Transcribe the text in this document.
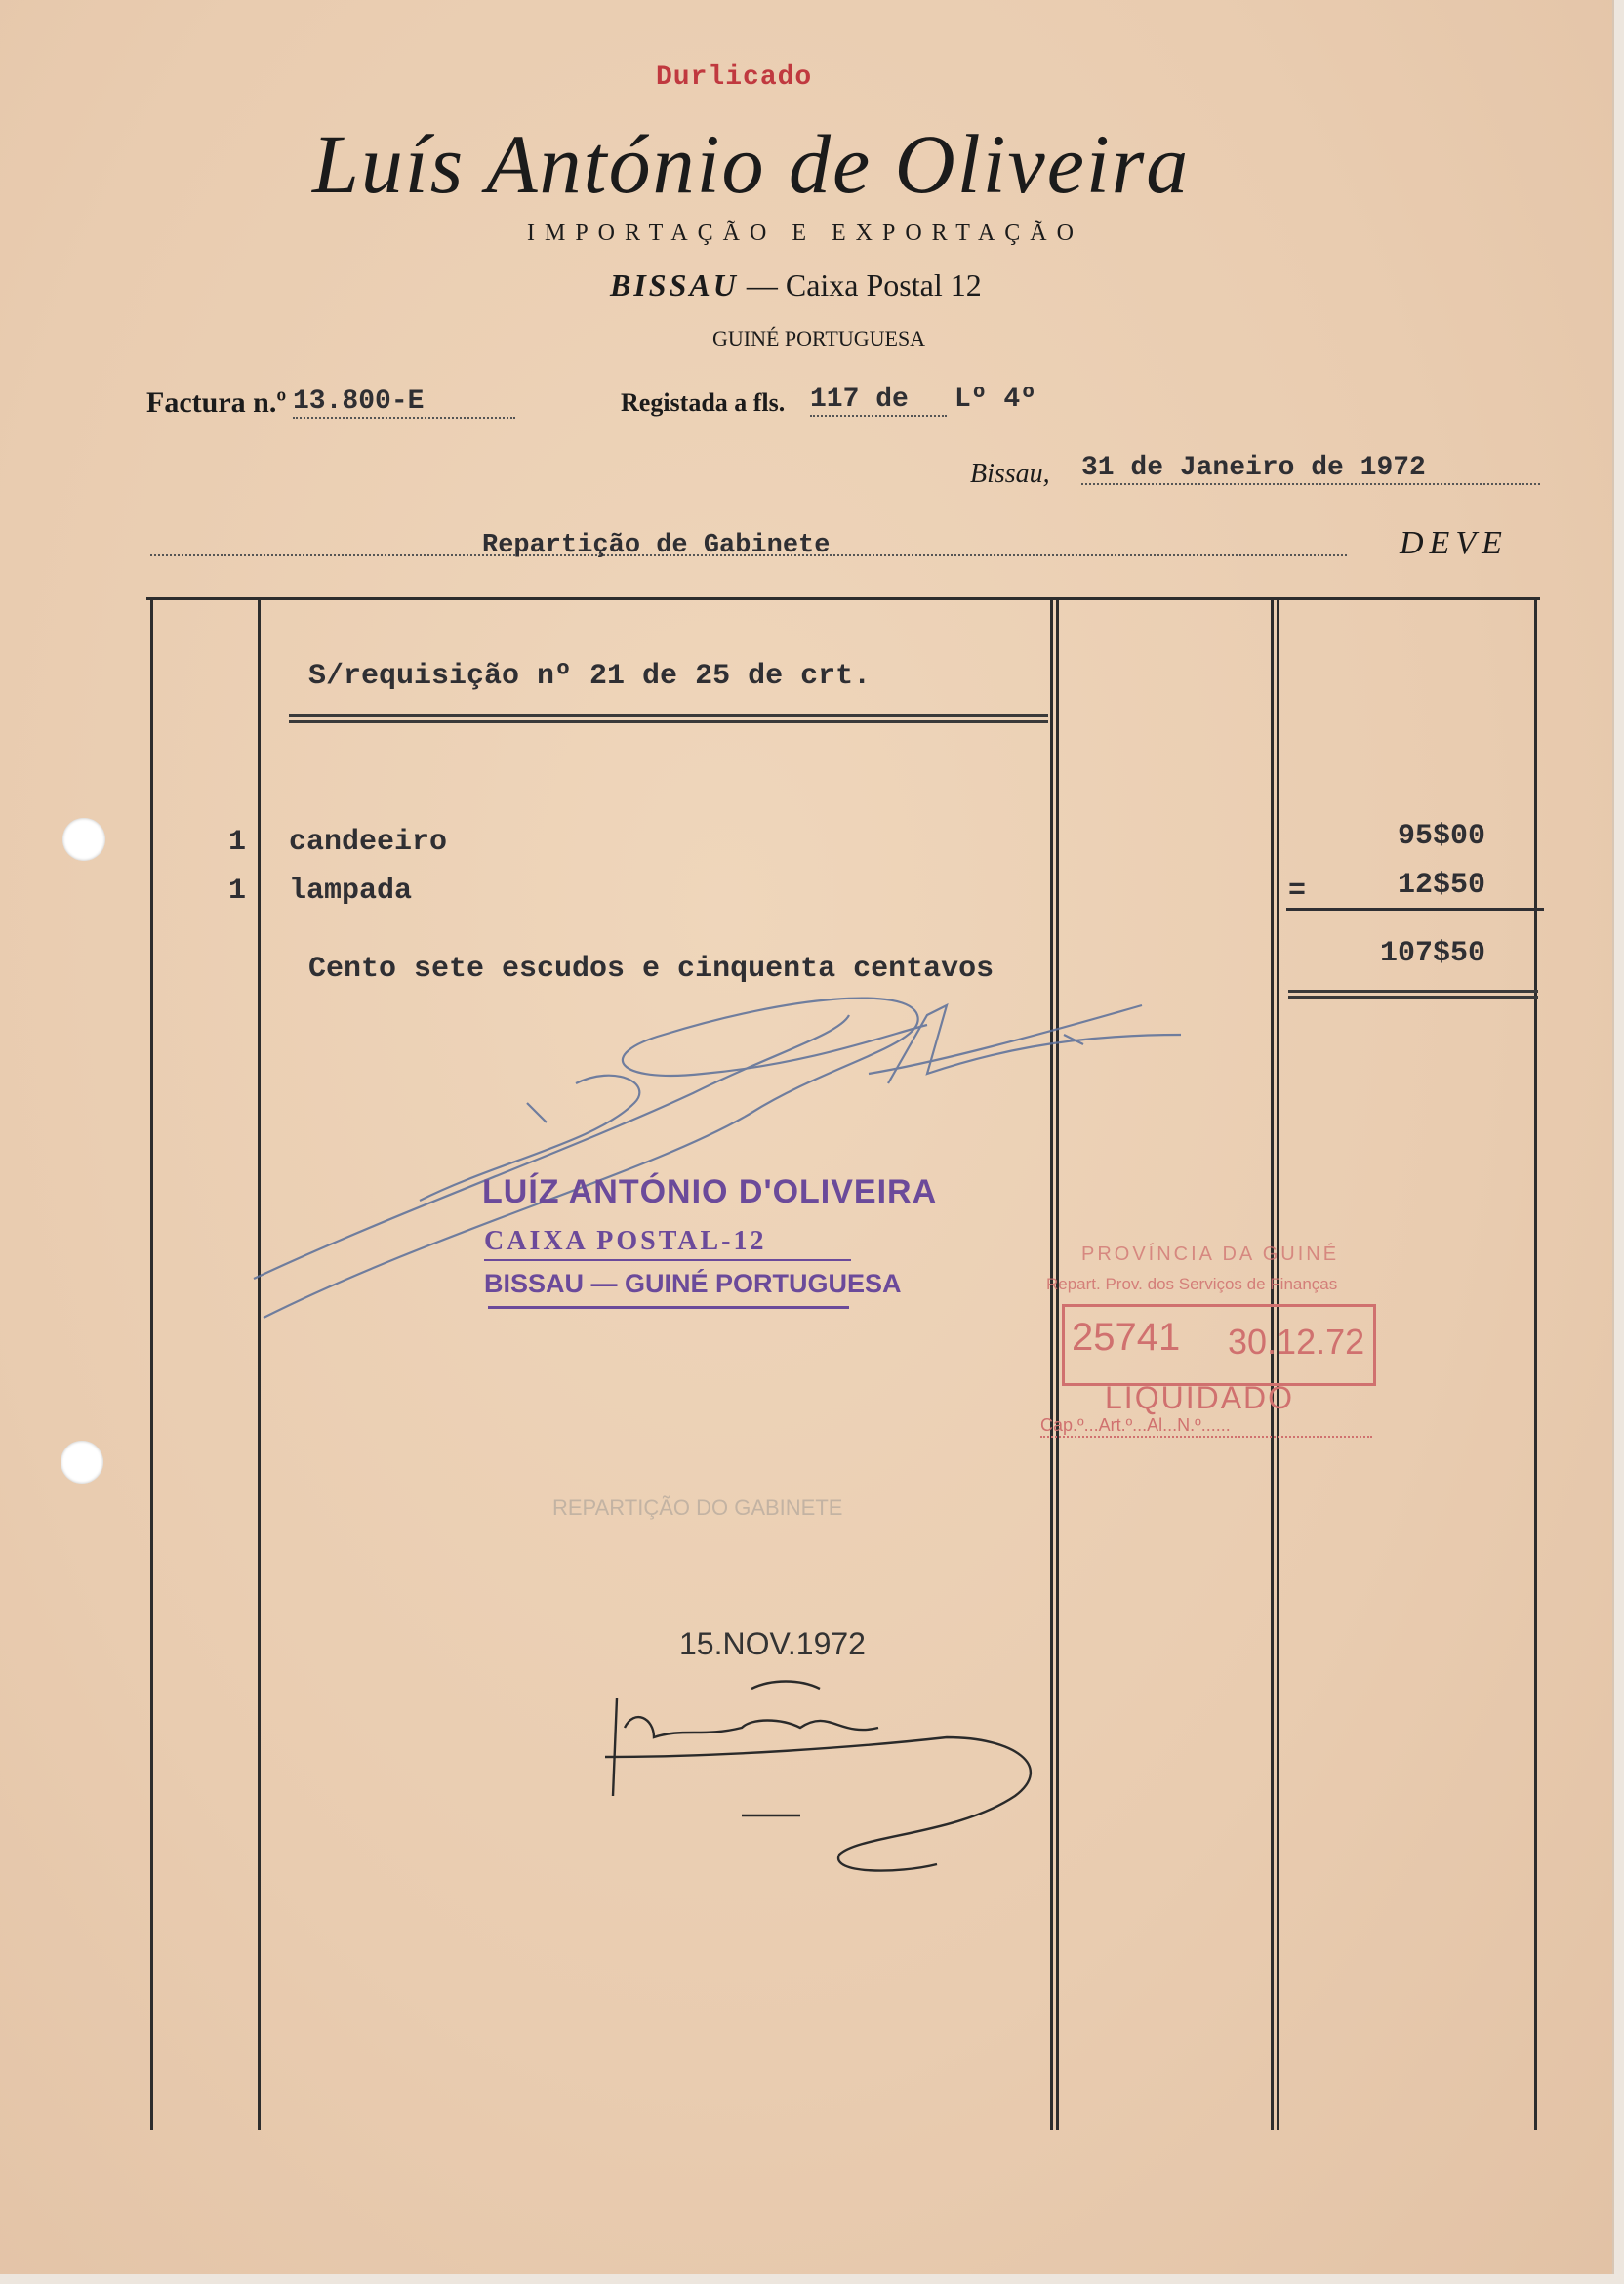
Durlicado
Luís António de Oliveira
IMPORTAÇÃO E EXPORTAÇÃO
BISSAU — Caixa Postal 12
GUINÉ PORTUGUESA
Factura n.º 13.800-E	Registada a fls. 117 de	Lº 4º
Bissau, 31 de Janeiro de 1972
Repartição de Gabinete	DEVE
S/requisição nº 21 de 25 de crt.
1 candeeiro	95$00
1 lampada	=	12$50
Cento sete escudos e cinquenta centavos	107$50
LUÍZ ANTÓNIO D'OLIVEIRA
CAIXA POSTAL-12
BISSAU — GUINÉ PORTUGUESA
PROVÍNCIA DA GUINÉ
Repart. Prov. dos Serviços de Finanças
25741 30.12.72
LIQUIDADO
Cap.º...Art.º...Al...N.º......
REPARTIÇÃO DO GABINETE
15.NOV.1972
